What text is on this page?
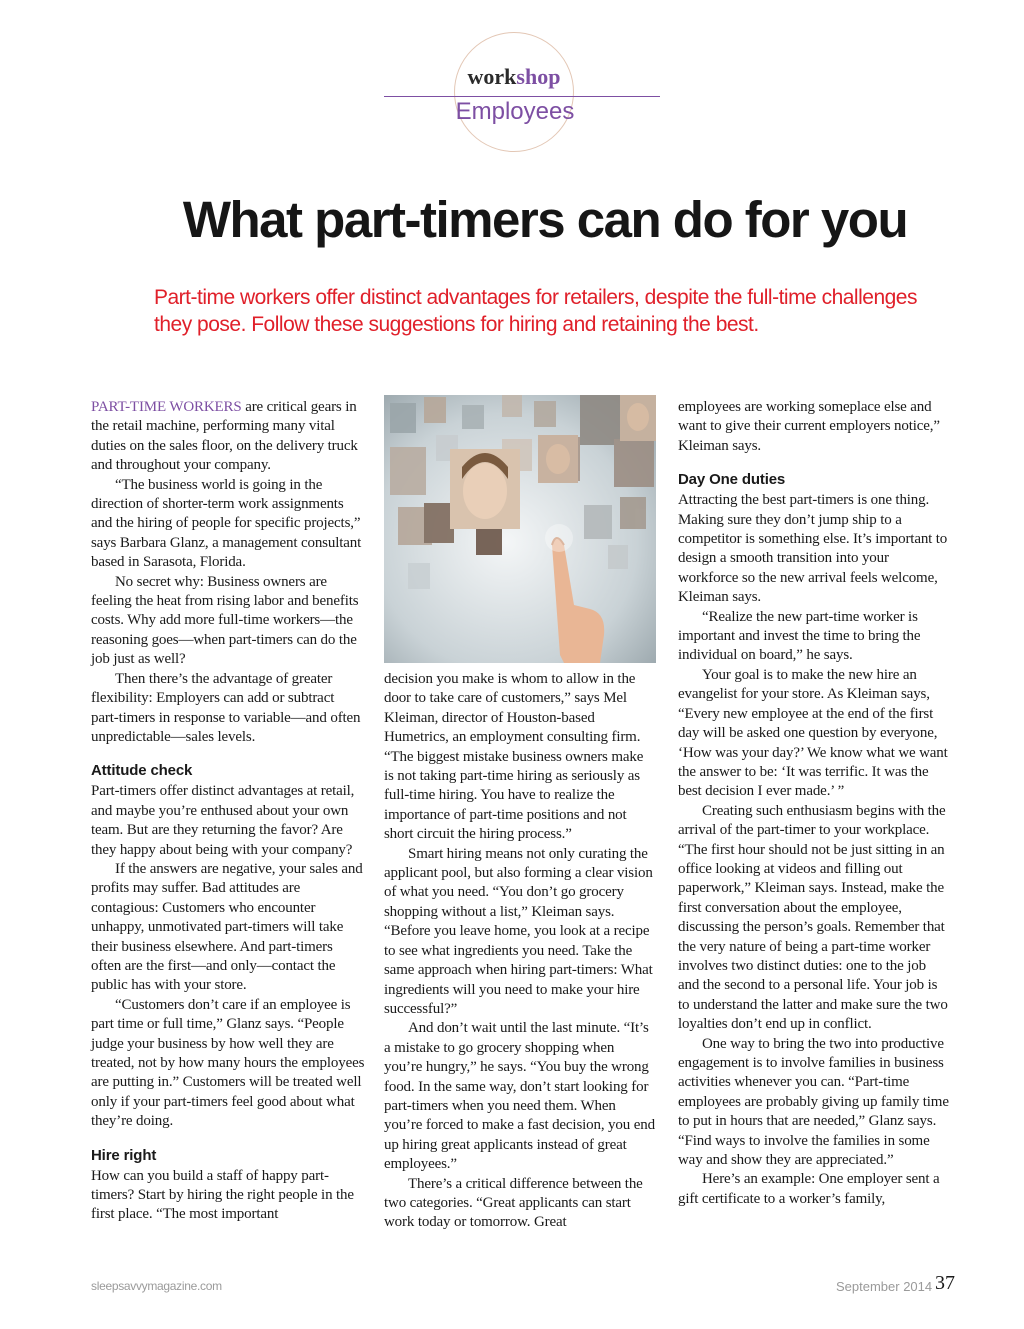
workshop
Employees
What part-timers can do for you

Part-time workers offer distinct advantages for retailers, despite the full-time challenges they pose. Follow these suggestions for hiring and retaining the best.

PART-TIME WORKERS are critical gears in the retail machine, performing many vital duties on the sales floor, on the delivery truck and throughout your company.

“The business world is going in the direction of shorter-term work assignments and the hiring of people for specific projects,” says Barbara Glanz, a management consultant based in Sarasota, Florida.

No secret why: Business owners are feeling the heat from rising labor and benefits costs. Why add more full-time workers—the reasoning goes—when part-timers can do the job just as well?

Then there’s the advantage of greater flexibility: Employers can add or subtract part-timers in response to variable—and often unpredictable—sales levels.

Attitude check

Part-timers offer distinct advantages at retail, and maybe you’re enthused about your own team. But are they returning the favor? Are they happy about being with your company?

If the answers are negative, your sales and profits may suffer. Bad attitudes are contagious: Customers who encounter unhappy, unmotivated part-timers will take their business elsewhere. And part-timers often are the first—and only—contact the public has with your store.

“Customers don’t care if an employee is part time or full time,” Glanz says. “People judge your business by how well they are treated, not by how many hours the employees are putting in.” Customers will be treated well only if your part-timers feel good about what they’re doing.

Hire right

How can you build a staff of happy part-timers? Start by hiring the right people in the first place. “The most important

decision you make is whom to allow in the door to take care of customers,” says Mel Kleiman, director of Houston-based Humetrics, an employment consulting firm. “The biggest mistake business owners make is not taking part-time hiring as seriously as full-time hiring. You have to realize the importance of part-time positions and not short circuit the hiring process.”

Smart hiring means not only curating the applicant pool, but also forming a clear vision of what you need. “You don’t go grocery shopping without a list,” Kleiman says. “Before you leave home, you look at a recipe to see what ingredients you need. Take the same approach when hiring part-timers: What ingredients will you need to make your hire successful?”

And don’t wait until the last minute. “It’s a mistake to go grocery shopping when you’re hungry,” he says. “You buy the wrong food. In the same way, don’t start looking for part-timers when you need them. When you’re forced to make a fast decision, you end up hiring great applicants instead of great employees.”

There’s a critical difference between the two categories. “Great applicants can start work today or tomorrow. Great

employees are working someplace else and want to give their current employers notice,” Kleiman says.

Day One duties

Attracting the best part-timers is one thing. Making sure they don’t jump ship to a competitor is something else. It’s important to design a smooth transition into your workforce so the new arrival feels welcome, Kleiman says.

“Realize the new part-time worker is important and invest the time to bring the individual on board,” he says.

Your goal is to make the new hire an evangelist for your store. As Kleiman says, “Every new employee at the end of the first day will be asked one question by everyone, ‘How was your day?’ We know what we want the answer to be: ‘It was terrific. It was the best decision I ever made.’ ”

Creating such enthusiasm begins with the arrival of the part-timer to your workplace. “The first hour should not be just sitting in an office looking at videos and filling out paperwork,” Kleiman says. Instead, make the first conversation about the employee, discussing the person’s goals. Remember that the very nature of being a part-time worker involves two distinct duties: one to the job and the second to a personal life. Your job is to understand the latter and make sure the two loyalties don’t end up in conflict.

One way to bring the two into productive engagement is to involve families in business activities whenever you can. “Part-time employees are probably giving up family time to put in hours that are needed,” Glanz says. “Find ways to involve the families in some way and show they are appreciated.”

Here’s an example: One employer sent a gift certificate to a worker’s family,

sleepsavvymagazine.com	September 2014 37
